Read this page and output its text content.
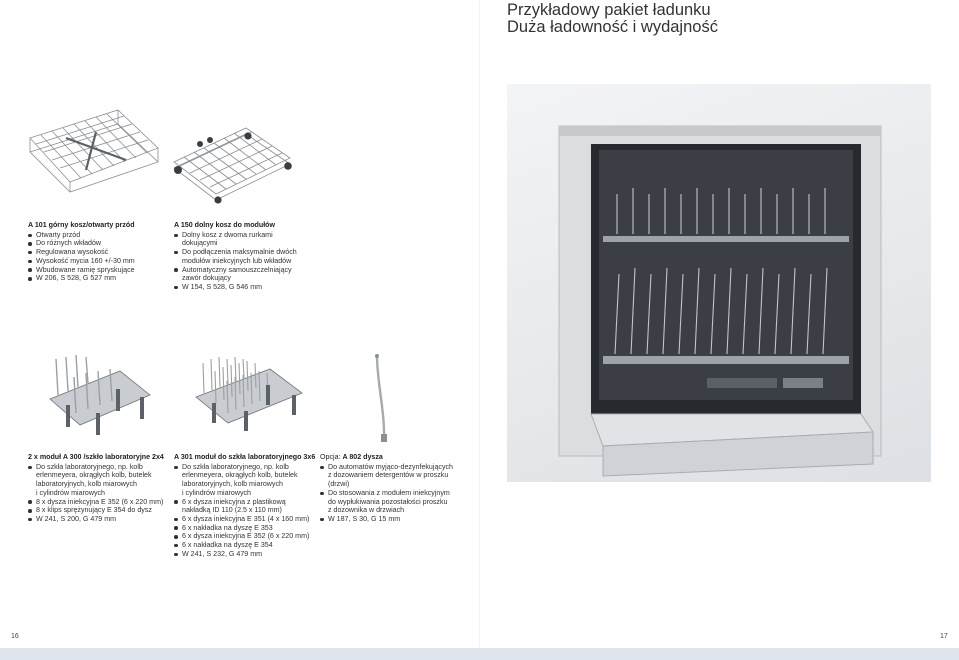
Przykładowy pakiet ładunku
Duża ładowność i wydajność
A 101 górny kosz/otwarty przód
Otwarty przód
Do różnych wkładów
Regulowana wysokość
Wysokość mycia 160 +/-30 mm
Wbudowane ramię spryskujące
W 206, S 528, G 527 mm
A 150 dolny kosz do modułów
Dolny kosz z dwoma rurkami
dokującymi
Do podłączenia maksymalnie dwóch
modułów iniekcyjnych lub wkładów
Automatyczny samouszczelniający
zawór dokujący
W 154, S 528, G 546 mm
2 x moduł A 300 /szkło laboratoryjne 2x4
Do szkła laboratoryjnego, np. kolb
erlenmeyera, okrągłych kolb, butelek
laboratoryjnych, kolb miarowych
i cylindrów miarowych
8 x dysza iniekcyjna E 352 (6 x 220 mm)
8 x klips sprężynujący E 354 do dysz
W 241, S 200, G 479 mm
A 301 moduł do szkła laboratoryjnego 3x6
Do szkła laboratoryjnego, np. kolb
erlenmeyera, okrągłych kolb, butelek
laboratoryjnych, kolb miarowych
i cylindrów miarowych
6 x dysza iniekcyjna z plastikową
nakładką ID 110 (2.5 x 110 mm)
6 x dysza iniekcyjna E 351 (4 x 160 mm)
6 x nakładka na dyszę E 353
6 x dysza iniekcyjna E 352 (6 x 220 mm)
6 x nakładka na dyszę E 354
W 241, S 232, G 479 mm
Opcja: A 802 dysza
Do automatów myjąco-dezynfekujących
z dozowaniem detergentów w proszku
(drzwi)
Do stosowania z modułem iniekcyjnym
do wypłukiwania pozostałości proszku
z dozownika w drzwiach
W 187, S 30, G 15 mm
16	17
